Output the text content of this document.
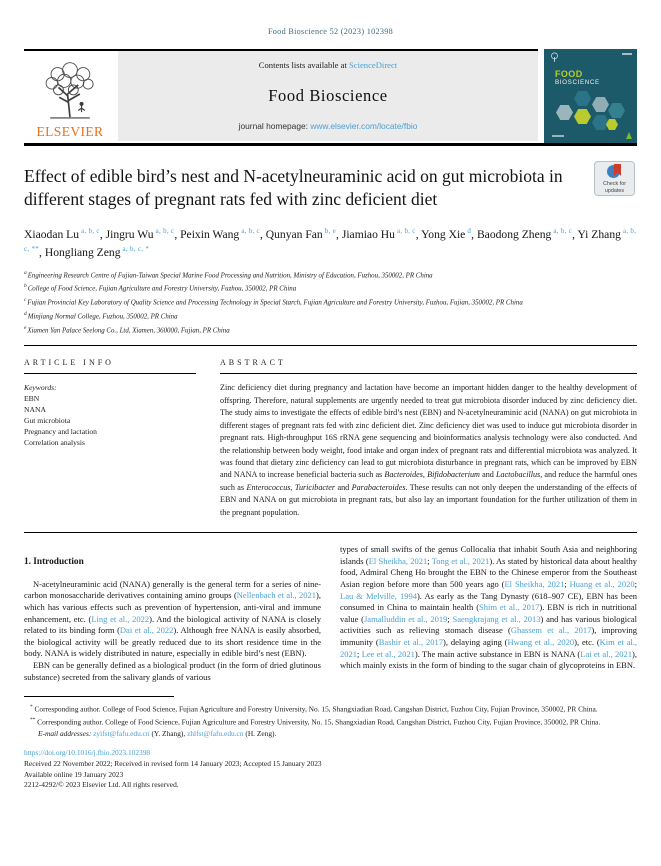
Food Bioscience 52 (2023) 102398
ELSEVIER
Contents lists available at ScienceDirect
Food Bioscience
journal homepage: www.elsevier.com/locate/fbio
FOOD
BIOSCIENCE
Effect of edible bird’s nest and N-acetylneuraminic acid on gut microbiota in different stages of pregnant rats fed with zinc deficient diet
Check for updates
Xiaodan Lu $^{a, b, c}$, Jingru Wu $^{a, b, c}$, Peixin Wang $^{a, b, c}$, Qunyan Fan $^{b, e}$, Jiamiao Hu $^{a, b, c}$, Yong Xie $^d$, Baodong Zheng $^{a, b, c}$, Yi Zhang $^{a, b, c, **}$, Hongliang Zeng $^{a, b, c, *}$
$^a$Engineering Research Centre of Fujian-Taiwan Special Marine Food Processing and Nutrition, Ministry of Education, Fuzhou, 350002, PR China
$^b$College of Food Science, Fujian Agriculture and Forestry University, Fuzhou, 350002, PR China
$^c$Fujian Provincial Key Laboratory of Quality Science and Processing Technology in Special Starch, Fujian Agriculture and Forestry University, Fuzhou, Fujian, 350002, PR China
$^d$Minjiang Normal College, Fuzhou, 350002, PR China
$^e$Xiamen Yan Palace Seelong Co., Ltd, Xiamen, 360000, Fujian, PR China
ARTICLE INFO
Keywords:
EBN
NANA
Gut microbiota
Pregnancy and lactation
Correlation analysis
ABSTRACT
Zinc deficiency diet during pregnancy and lactation have become an important hidden danger to the healthy development of offspring. Therefore, natural supplements are urgently needed to treat gut microbiota disorder induced by zinc deficiency diet. The study aims to investigate the effects of edible bird’s nest (EBN) and N-acetylneuraminic acid (NANA) on gut microbiota in different stages of pregnant rats fed with zinc deficient diet. Zinc deficiency diet was used to induce gut microbiota disorder in pregnant rats. High-throughput 16S rRNA gene sequencing and bioinformatics analysis technology were also conducted. And the relationship between body weight, food intake and organ index of pregnant rats and differential microbiota was analyzed. It was found that dietary zinc deficiency can lead to gut microbiota disturbance in pregnant rats, which can be improved by EBN and NANA to increase beneficial bacteria such as Bacteroides, Bifidobacterium and Lactobacillus, and reduce the harmful ones such as Enterococcus, Turicibacter and Parabacteroides. These results can not only deepen the understanding of the effects of EBN and NANA on gut microbiota in pregnant rats, but also lay an important foundation for the further utilization of them in the pregnant population.
1. Introduction

N-acetylneuraminic acid (NANA) generally is the general term for a series of nine-carbon monosaccharide derivatives containing amino groups (Nellenbach et al., 2021), which has various effects such as prevention of hypertension, anti-viral and immune enhancement, etc. (Ling et al., 2022). And the biological activity of NANA is closely related to its binding form (Dai et al., 2022). Although free NANA is easily absorbed, the biological activity will be greatly reduced due to its short residence time in the body. NANA is widely distributed in nature, especially in edible bird’s nest (EBN).

EBN can be generally defined as a biological product (in the form of dried glutinous substance) secreted from the salivary glands of various

types of small swifts of the genus Collocalia that inhabit South Asia and neighboring islands (El Sheikha, 2021; Tong et al., 2021). As stated by historical data about healthy food, Admiral Cheng Ho brought the EBN to the Chinese emperor from the Southeast Asian region before more than 500 years ago (El Sheikha, 2021; Huang et al., 2020; Lau & Melville, 1994). As early as the Tang Dynasty (618–907 CE), EBN has been consumed in China to maintain health (Shim et al., 2017). EBN is rich in nutritional value (Jamalluddin et al., 2019; Saengkrajang et al., 2013) and has various biological activities such as relieving stomach disease (Ghassem et al., 2017), improving immunity (Bashir et al., 2017), delaying aging (Hwang et al., 2020), etc. (Kim et al., 2021; Lee et al., 2021). The main active substance in EBN is NANA (Lai et al., 2021), which mainly exists in the form of binding to the sugar chain of glycoproteins in EBN.

* Corresponding author. College of Food Science, Fujian Agriculture and Forestry University, No. 15, Shangxiadian Road, Cangshan District, Fuzhou City, Fujian Province, 350002, PR China.

** Corresponding author. College of Food Science, Fujian Agriculture and Forestry University, No. 15, Shangxiadian Road, Cangshan District, Fuzhou City, Fujian Province, 350002, PR China.

E-mail addresses: zyifst@fafu.edu.cn (Y. Zhang), zhlfst@fafu.edu.cn (H. Zeng).

https://doi.org/10.1016/j.fbio.2023.102398
Received 22 November 2022; Received in revised form 14 January 2023; Accepted 15 January 2023
Available online 19 January 2023
2212-4292/© 2023 Elsevier Ltd. All rights reserved.
